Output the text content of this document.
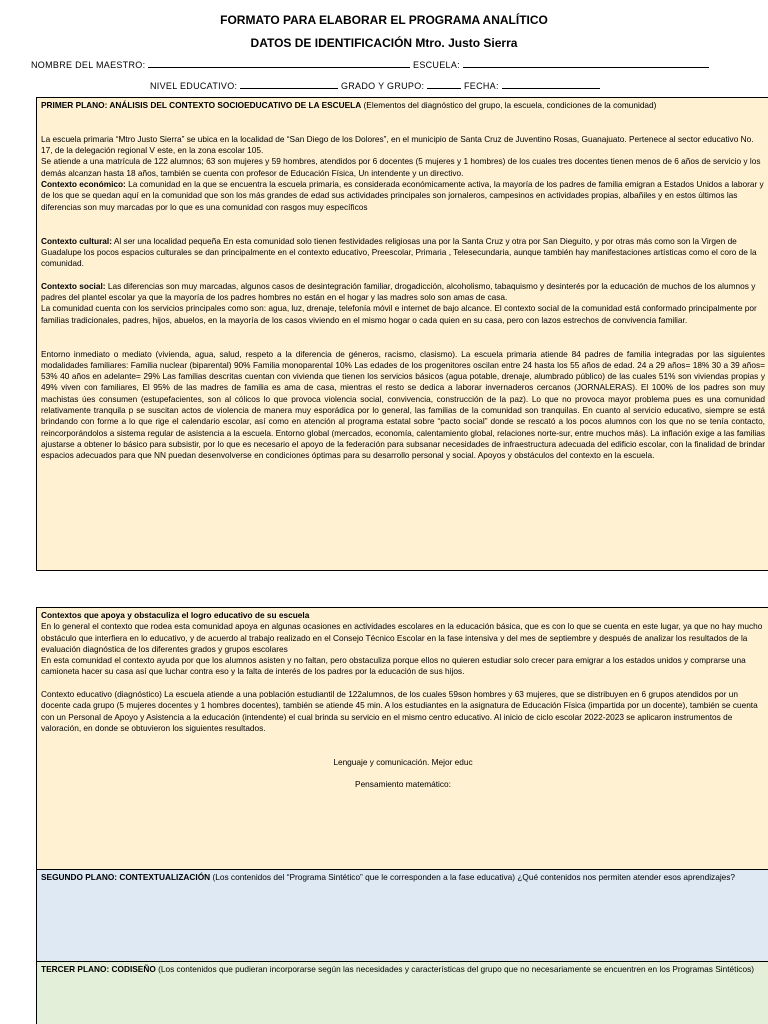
FORMATO PARA ELABORAR EL PROGRAMA ANALÍTICO
DATOS DE IDENTIFICACIÓN Mtro. Justo Sierra
NOMBRE DEL MAESTRO:	ESCUELA:
NIVEL EDUCATIVO:	GRADO Y GRUPO:	FECHA:

PRIMER PLANO: ANÁLISIS DEL CONTEXTO SOCIOEDUCATIVO DE LA ESCUELA (Elementos del diagnóstico del grupo, la escuela, condiciones de la comunidad)

La escuela primaria “Mtro Justo Sierra” se ubica en la localidad de “San Diego de los Dolores”, en el municipio de Santa Cruz de Juventino Rosas, Guanajuato. Pertenece al sector educativo No. 17, de la delegación regional V este, en la zona escolar 105.

Se atiende a una matrícula de 122 alumnos; 63 son mujeres y 59 hombres, atendidos por 6 docentes (5 mujeres y 1 hombres) de los cuales tres docentes tienen menos de 6 años de servicio y los demás alcanzan hasta 18 años, también se cuenta con profesor de Educación Física, Un intendente y un directivo.

Contexto económico: La comunidad en la que se encuentra la escuela primaria, es considerada económicamente activa, la mayoría de los padres de familia emigran a Estados Unidos a laborar y de los que se quedan aquí en la comunidad que son los más grandes de edad sus actividades principales son jornaleros, campesinos en actividades propias, albañiles y en estos últimos las diferencias son muy marcadas por lo que es una comunidad con rasgos muy específicos

Contexto cultural: Al ser una localidad pequeña En esta comunidad solo tienen festividades religiosas una por la Santa Cruz y otra por San Dieguito, y por otras más como son la Virgen de Guadalupe los pocos espacios culturales se dan principalmente en el contexto educativo, Preescolar, Primaria , Telesecundaria, aunque también hay manifestaciones artísticas como el coro de la comunidad.

Contexto social: Las diferencias son muy marcadas, algunos casos de desintegración familiar, drogadicción, alcoholismo, tabaquismo y desinterés por la educación de muchos de los alumnos y padres del plantel escolar ya que la mayoría de los padres hombres no están en el hogar y las madres solo son amas de casa.

La comunidad cuenta con los servicios principales como son: agua, luz, drenaje, telefonía móvil e internet de bajo alcance. El contexto social de la comunidad está conformado principalmente por familias tradicionales, padres, hijos, abuelos, en la mayoría de los casos viviendo en el mismo hogar o cada quien en su casa, pero con lazos estrechos de convivencia familiar.

Entorno inmediato o mediato (vivienda, agua, salud, respeto a la diferencia de géneros, racismo, clasismo). La escuela primaria atiende 84 padres de familia integradas por las siguientes modalidades familiares: Familia nuclear (biparental) 90% Familia monoparental 10% Las edades de los progenitores oscilan entre 24 hasta los 55 años de edad. 24 a 29 años= 18% 30 a 39 años= 53% 40 años en adelante= 29% Las familias descritas cuentan con vivienda que tienen los servicios básicos (agua potable, drenaje, alumbrado público) de las cuales 51% son viviendas propias y 49% viven con familiares, El 95% de las madres de familia es ama de casa, mientras el resto se dedica a laborar invernaderos cercanos (JORNALERAS). El 100% de los padres son muy machistas úes consumen (estupefacientes, son al cólicos lo que provoca violencia social, convivencia, construcción de la paz). Lo que no provoca mayor problema pues es una comunidad relativamente tranquila p se suscitan actos de violencia de manera muy esporádica por lo general, las familias de la comunidad son tranquilas. En cuanto al servicio educativo, siempre se está brindando con forme a lo que rige el calendario escolar, así como en atención al programa estatal sobre “pacto social” donde se rescató a los pocos alumnos con los que no se tenía contacto, reincorporándolos a sistema regular de asistencia a la escuela. Entorno global (mercados, economía, calentamiento global, relaciones norte-sur, entre muchos más). La inflación exige a las familias ajustarse a obtener lo básico para subsistir, por lo que es necesario el apoyo de la federación para subsanar necesidades de infraestructura adecuada del edificio escolar, con la finalidad de brindar espacios adecuados para que NN puedan desenvolverse en condiciones óptimas para su desarrollo personal y social. Apoyos y obstáculos del contexto en la escuela.

Contextos que apoya y obstaculiza el logro educativo de su escuela

En lo general el contexto que rodea esta comunidad apoya en algunas ocasiones en actividades escolares en la educación básica, que es con lo que se cuenta en este lugar, ya que no hay mucho obstáculo que interfiera en lo educativo, y de acuerdo al trabajo realizado en el Consejo Técnico Escolar en la fase intensiva y del mes de septiembre y después de analizar los resultados de la evaluación diagnóstica de los diferentes grados y grupos escolares

En esta comunidad el contexto ayuda por que los alumnos asisten y no faltan, pero obstaculiza porque ellos no quieren estudiar solo crecer para emigrar a los estados unidos y comprarse una camioneta hacer su casa así que luchar contra eso y la falta de interés de los padres por la educación de sus hijos.

Contexto educativo (diagnóstico) La escuela atiende a una población estudiantil de 122alumnos, de los cuales 59son hombres y 63 mujeres, que se distribuyen en 6 grupos atendidos por un docente cada grupo (5 mujeres docentes y 1 hombres docentes), también se atiende 45 min. A los estudiantes en la asignatura de Educación Física (impartida por un docente), también se cuenta con un Personal de Apoyo y Asistencia a la educación (intendente) el cual brinda su servicio en el mismo centro educativo. Al inicio de ciclo escolar 2022-2023 se aplicaron instrumentos de valoración, en donde se obtuvieron los siguientes resultados.

Lenguaje y comunicación. Mejor educ

Pensamiento matemático:

SEGUNDO PLANO: CONTEXTUALIZACIÓN (Los contenidos del “Programa Sintético” que le corresponden a la fase educativa) ¿Qué contenidos nos permiten atender esos aprendizajes?

TERCER PLANO: CODISEÑO (Los contenidos que pudieran incorporarse según las necesidades y características del grupo que no necesariamente se encuentren en los Programas Sintéticos)
